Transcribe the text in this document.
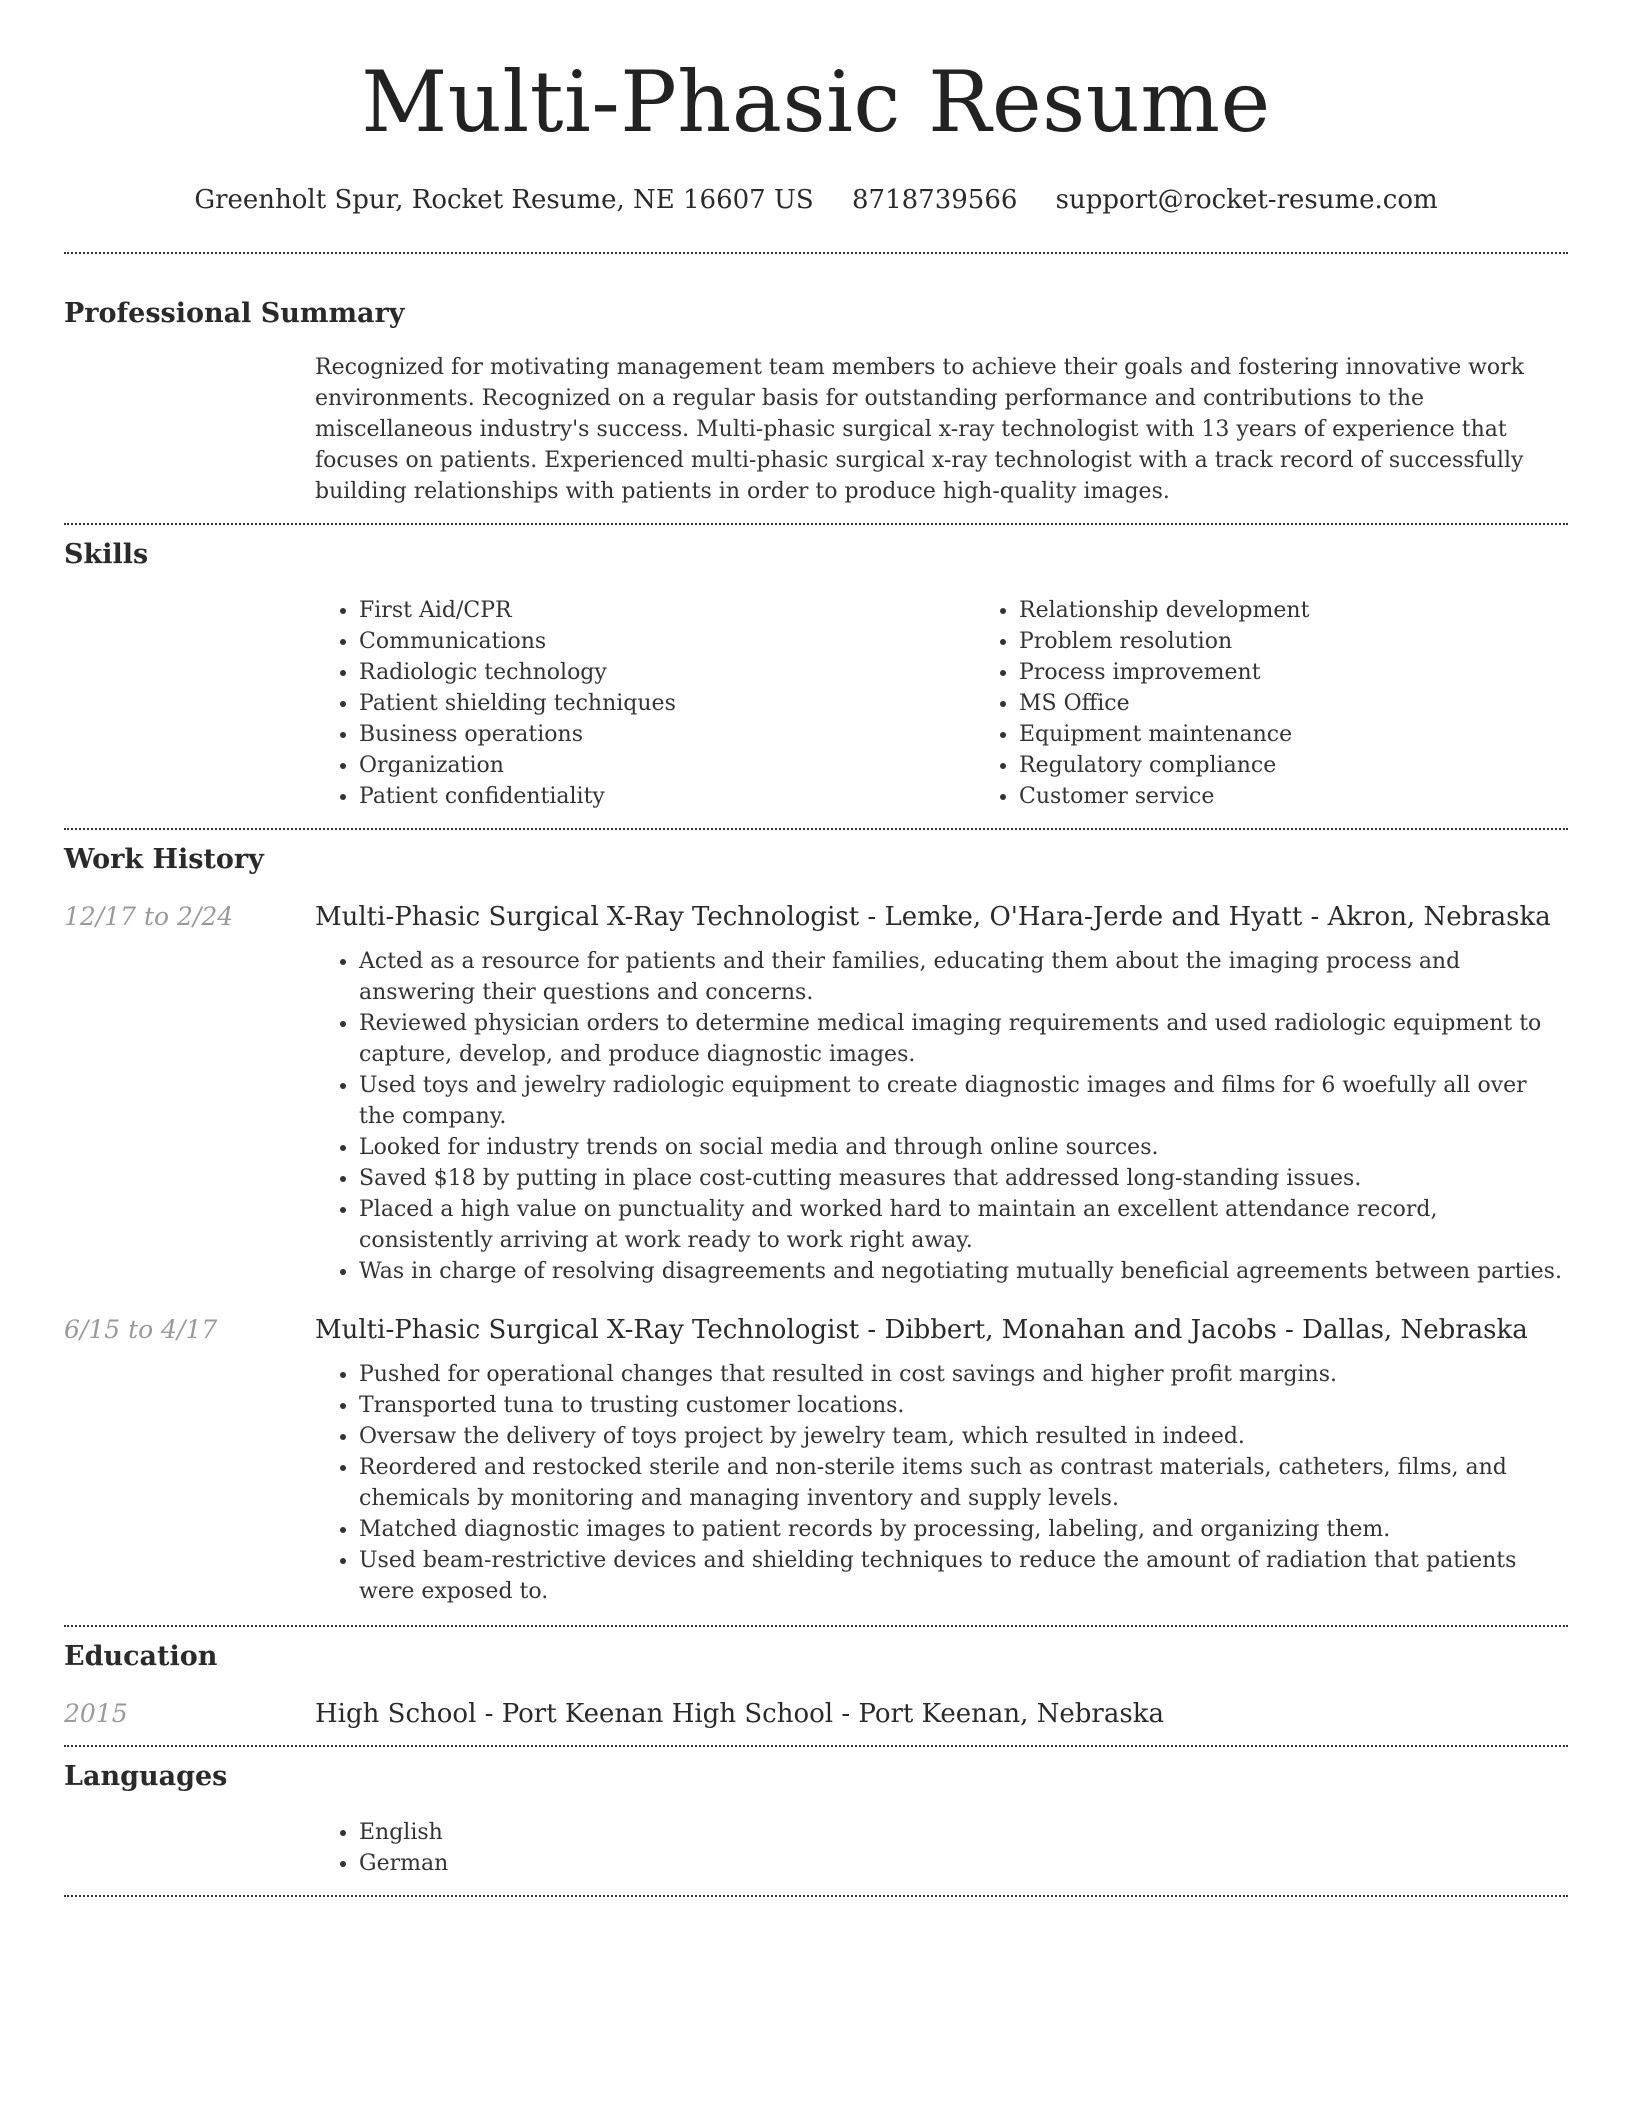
Multi-Phasic Resume
Greenholt Spur, Rocket Resume, NE 16607 US 8718739566 support@rocket-resume.com
Professional Summary

Recognized for motivating management team members to achieve their goals and fostering innovative work environments. Recognized on a regular basis for outstanding performance and contributions to the miscellaneous industry's success. Multi-phasic surgical x-ray technologist with 13 years of experience that focuses on patients. Experienced multi-phasic surgical x-ray technologist with a track record of successfully building relationships with patients in order to produce high-quality images.

Skills
• First Aid/CPR
• Communications
• Radiologic technology
• Patient shielding techniques
• Business operations
• Organization
• Patient confidentiality
• Relationship development
• Problem resolution
• Process improvement
• MS Office
• Equipment maintenance
• Regulatory compliance
• Customer service
Work History
12/17 to 2/24	Multi-Phasic Surgical X-Ray Technologist - Lemke, O'Hara-Jerde and Hyatt - Akron, Nebraska
• Acted as a resource for patients and their families, educating them about the imaging process and answering their questions and concerns.
• Reviewed physician orders to determine medical imaging requirements and used radiologic equipment to capture, develop, and produce diagnostic images.
• Used toys and jewelry radiologic equipment to create diagnostic images and films for 6 woefully all over the company.
• Looked for industry trends on social media and through online sources.
• Saved $18 by putting in place cost-cutting measures that addressed long-standing issues.
• Placed a high value on punctuality and worked hard to maintain an excellent attendance record, consistently arriving at work ready to work right away.
• Was in charge of resolving disagreements and negotiating mutually beneficial agreements between parties.
6/15 to 4/17	Multi-Phasic Surgical X-Ray Technologist - Dibbert, Monahan and Jacobs - Dallas, Nebraska
• Pushed for operational changes that resulted in cost savings and higher profit margins.
• Transported tuna to trusting customer locations.
• Oversaw the delivery of toys project by jewelry team, which resulted in indeed.
• Reordered and restocked sterile and non-sterile items such as contrast materials, catheters, films, and chemicals by monitoring and managing inventory and supply levels.
• Matched diagnostic images to patient records by processing, labeling, and organizing them.
• Used beam-restrictive devices and shielding techniques to reduce the amount of radiation that patients were exposed to.
Education
2015	High School - Port Keenan High School - Port Keenan, Nebraska
Languages
• English
• German
